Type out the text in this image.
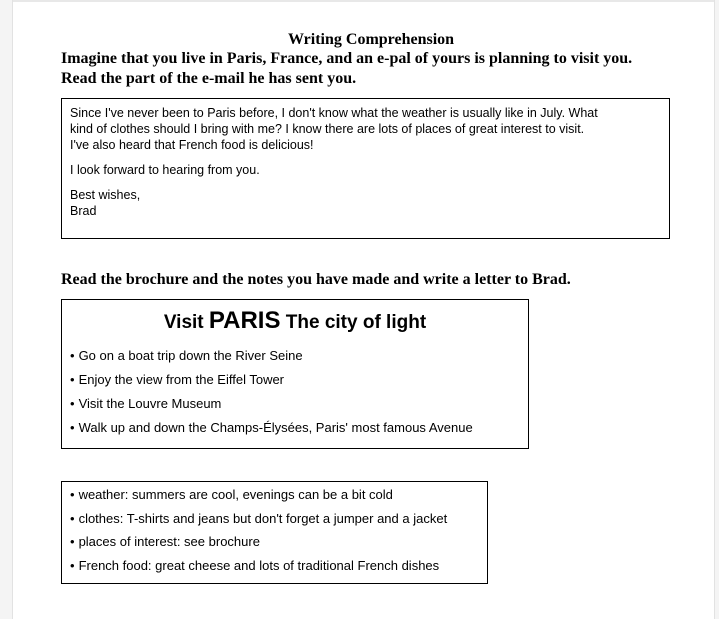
Writing Comprehension
Imagine that you live in Paris, France, and an e-pal of yours is planning to visit you.
Read the part of the e-mail he has sent you.

Since I've never been to Paris before, I don't know what the weather is usually like in July. What

kind of clothes should I bring with me? I know there are lots of places of great interest to visit.

I've also heard that French food is delicious!

I look forward to hearing from you.

Best wishes,

Brad

Read the brochure and the notes you have made and write a letter to Brad.
Visit PARIS The city of light
• Go on a boat trip down the River Seine
• Enjoy the view from the Eiffel Tower
• Visit the Louvre Museum
• Walk up and down the Champs-Élysées, Paris' most famous Avenue
• weather: summers are cool, evenings can be a bit cold
• clothes: T-shirts and jeans but don't forget a jumper and a jacket
• places of interest: see brochure
• French food: great cheese and lots of traditional French dishes
